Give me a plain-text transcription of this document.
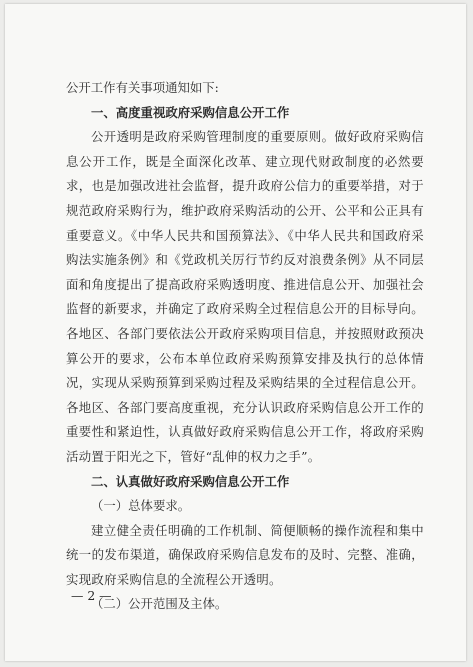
公开工作有关事项通知如下:

一、高度重视政府采购信息公开工作

公开透明是政府采购管理制度的重要原则。做好政府采购信息公开工作，既是全面深化改革、建立现代财政制度的必然要求，也是加强改进社会监督，提升政府公信力的重要举措，对于规范政府采购行为，维护政府采购活动的公开、公平和公正具有重要意义。《中华人民共和国预算法》、《中华人民共和国政府采购法实施条例》和《党政机关厉行节约反对浪费条例》从不同层面和角度提出了提高政府采购透明度、推进信息公开、加强社会监督的新要求，并确定了政府采购全过程信息公开的目标导向。各地区、各部门要依法公开政府采购项目信息，并按照财政预决算公开的要求，公布本单位政府采购预算安排及执行的总体情况，实现从采购预算到采购过程及采购结果的全过程信息公开。各地区、各部门要高度重视，充分认识政府采购信息公开工作的重要性和紧迫性，认真做好政府采购信息公开工作，将政府采购活动置于阳光之下，管好“乱伸的权力之手”。

二、认真做好政府采购信息公开工作

（一）总体要求。

建立健全责任明确的工作机制、简便顺畅的操作流程和集中统一的发布渠道，确保政府采购信息发布的及时、完整、准确，实现政府采购信息的全流程公开透明。

（二）公开范围及主体。

— 2 —
